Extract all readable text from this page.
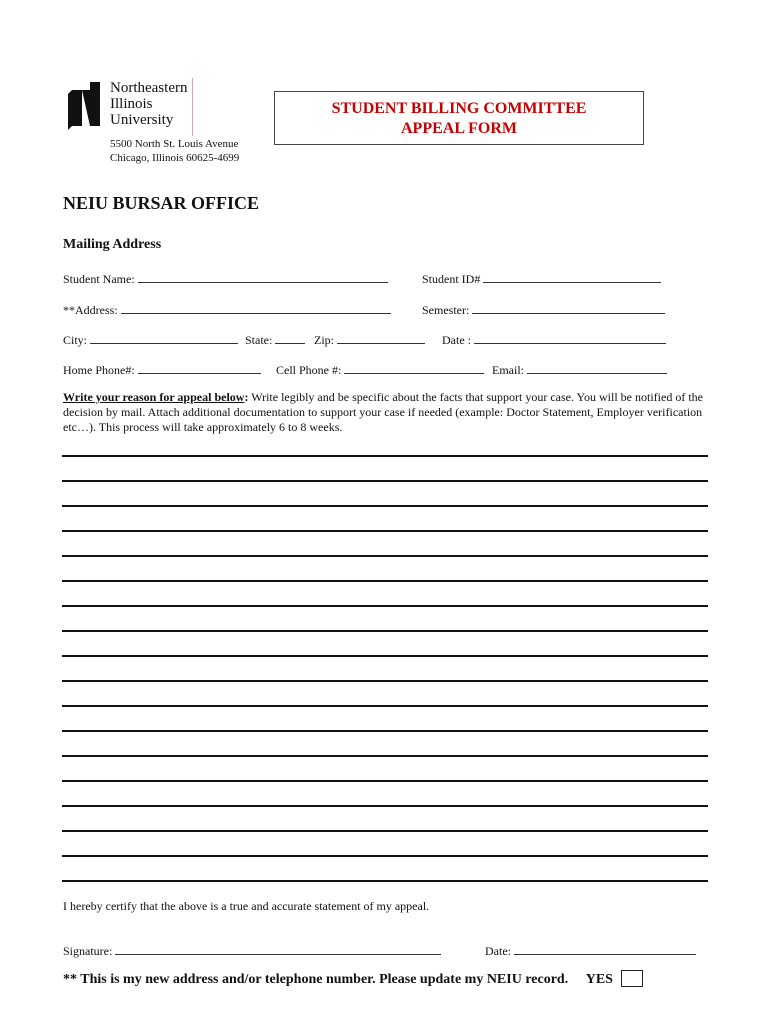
Northeastern
Illinois
University
5500 North St. Louis Avenue
Chicago, Illinois 60625-4699
STUDENT BILLING COMMITTEE
APPEAL FORM
NEIU BURSAR OFFICE
Mailing Address
Student Name:	Student ID#
**Address:	Semester:
City:	State:	Zip:	Date :
Home Phone#:	Cell Phone #:	Email:
Write your reason for appeal below: Write legibly and be specific about the facts that support your case. You will be notified of the decision by mail. Attach additional documentation to support your case if needed (example: Doctor Statement, Employer verification etc…). This process will take approximately 6 to 8 weeks.
I hereby certify that the above is a true and accurate statement of my appeal.
Signature:	Date:
** This is my new address and/or telephone number. Please update my NEIU record. YES
